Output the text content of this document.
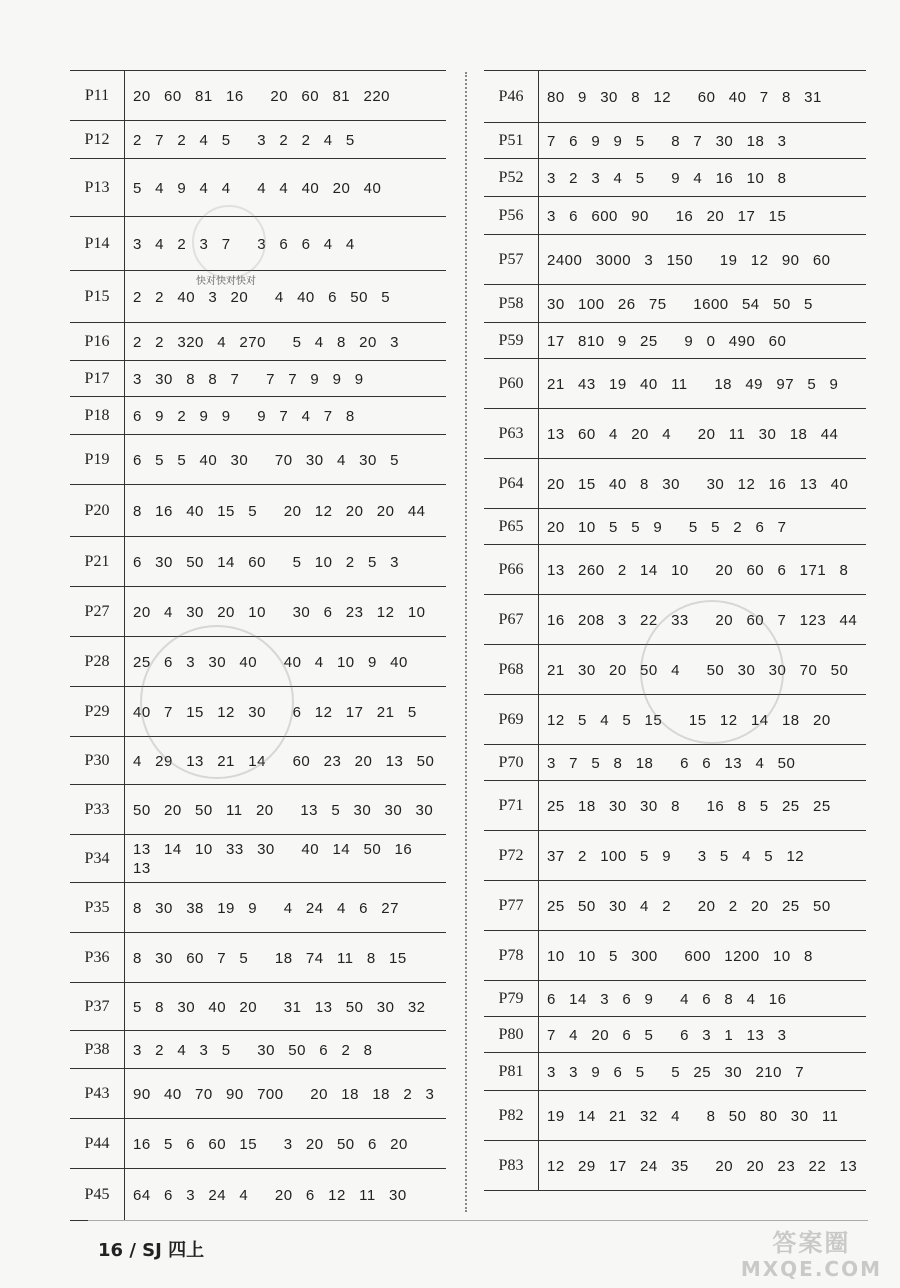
P11	20  60  81  16    20  60  81  220
P12	2  7  2  4  5    3  2  2  4  5
P13	5  4  9  4  4    4  4  40  20  40
P14	3  4  2  3  7    3  6  6  4  4
P15	2  2  40  3  20    4  40  6  50  5
P16	2  2  320  4  270    5  4  8  20  3
P17	3  30  8  8  7    7  7  9  9  9
P18	6  9  2  9  9    9  7  4  7  8
P19	6  5  5  40  30    70  30  4  30  5
P20	8  16  40  15  5    20  12  20  20  44
P21	6  30  50  14  60    5  10  2  5  3
P27	20  4  30  20  10    30  6  23  12  10
P28	25  6  3  30  40    40  4  10  9  40
P29	40  7  15  12  30    6  12  17  21  5
P30	4  29  13  21  14    60  23  20  13  50
P33	50  20  50  11  20    13  5  30  30  30
P34	13  14  10  33  30    40  14  50  16  13
P35	8  30  38  19  9    4  24  4  6  27
P36	8  30  60  7  5    18  74  11  8  15
P37	5  8  30  40  20    31  13  50  30  32
P38	3  2  4  3  5    30  50  6  2  8
P43	90  40  70  90  700    20  18  18  2  3
P44	16  5  6  60  15    3  20  50  6  20
P45	64  6  3  24  4    20  6  12  11  30
P46	80  9  30  8  12    60  40  7  8  31
P51	7  6  9  9  5    8  7  30  18  3
P52	3  2  3  4  5    9  4  16  10  8
P56	3  6  600  90    16  20  17  15
P57	2400  3000  3  150    19  12  90  60
P58	30  100  26  75    1600  54  50  5
P59	17  810  9  25    9  0  490  60
P60	21  43  19  40  11    18  49  97  5  9
P63	13  60  4  20  4    20  11  30  18  44
P64	20  15  40  8  30    30  12  16  13  40
P65	20  10  5  5  9    5  5  2  6  7
P66	13  260  2  14  10    20  60  6  171  8
P67	16  208  3  22  33    20  60  7  123  44
P68	21  30  20  50  4    50  30  30  70  50
P69	12  5  4  5  15    15  12  14  18  20
P70	3  7  5  8  18    6  6  13  4  50
P71	25  18  30  30  8    16  8  5  25  25
P72	37  2  100  5  9    3  5  4  5  12
P77	25  50  30  4  2    20  2  20  25  50
P78	10  10  5  300    600  1200  10  8
P79	6  14  3  6  9    4  6  8  4  16
P80	7  4  20  6  5    6  3  1  13  3
P81	3  3  9  6  5    5  25  30  210  7
P82	19  14  21  32  4    8  50  80  30  11
P83	12  29  17  24  35    20  20  23  22  13
快对快对快对
16 / SJ 四上	答案圈
MXQE.COM
